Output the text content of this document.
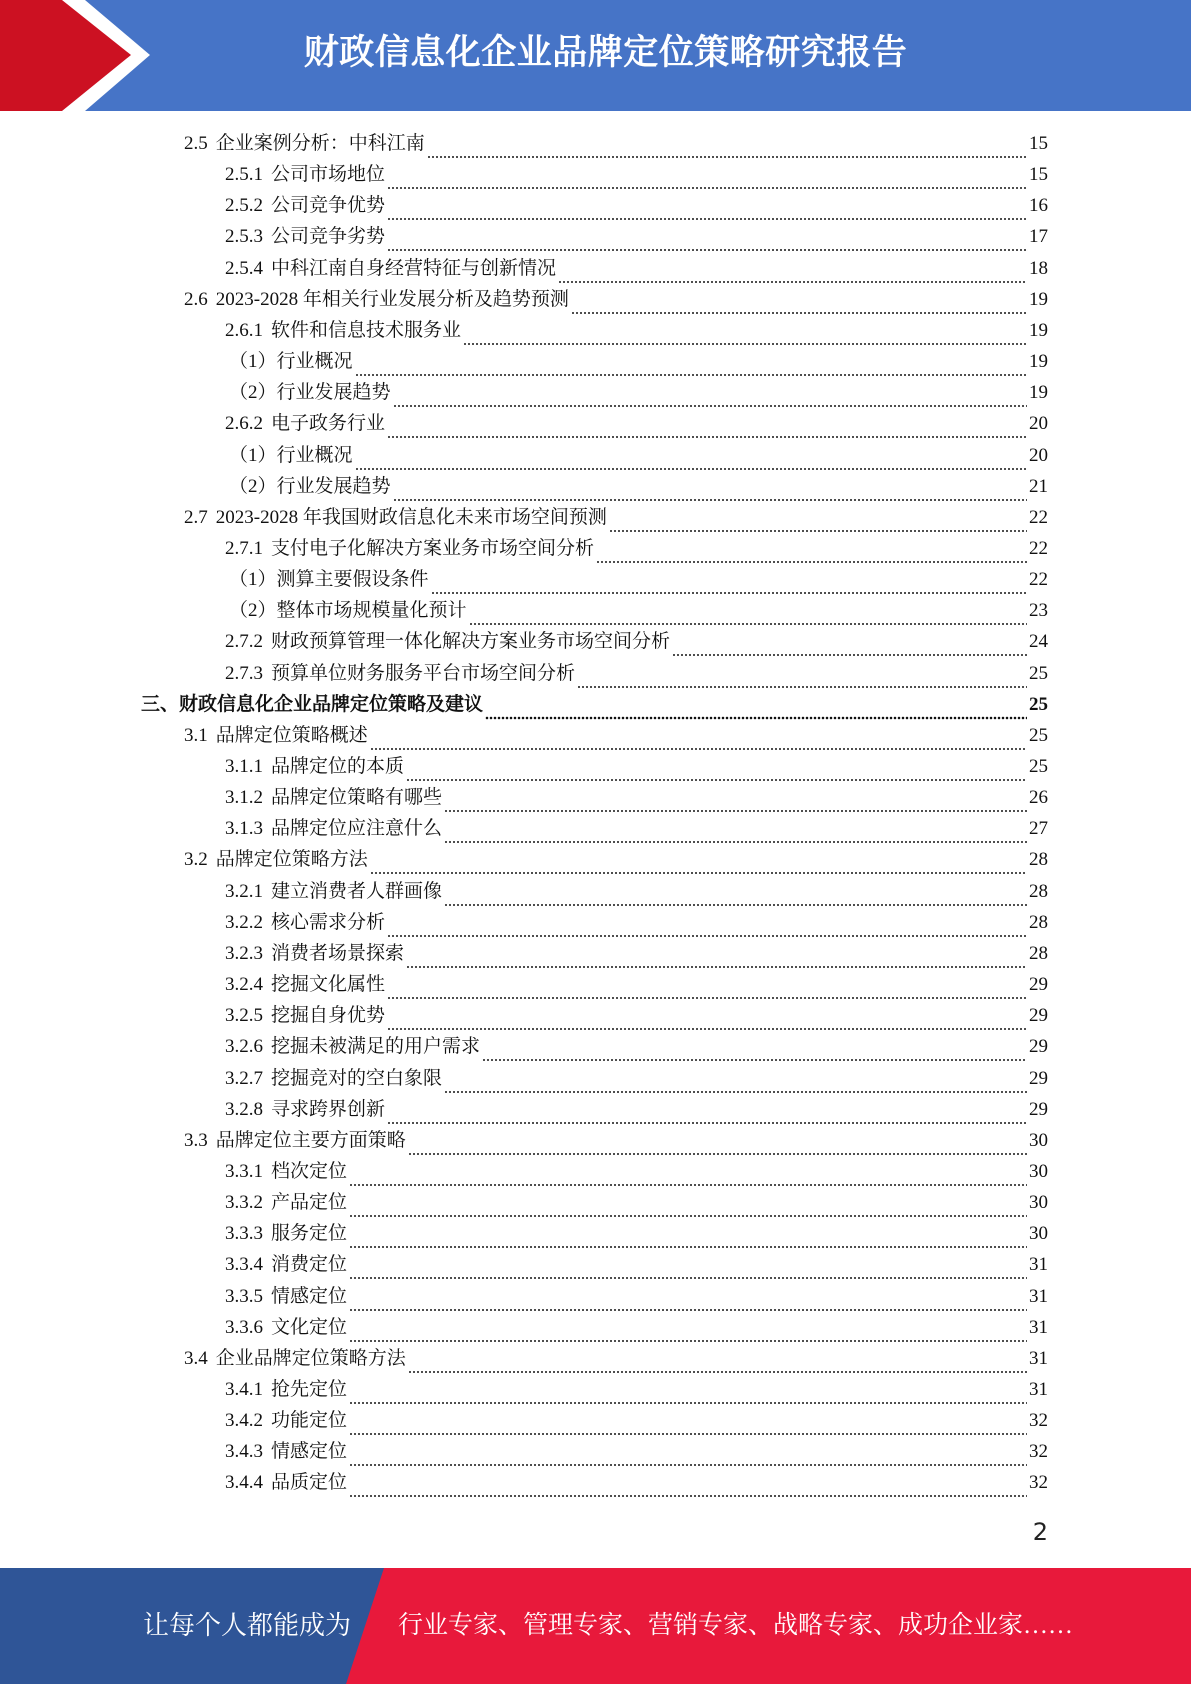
财政信息化企业品牌定位策略研究报告
2.5 企业案例分析：中科江南	15
2.5.1 公司市场地位	15
2.5.2 公司竞争优势	16
2.5.3 公司竞争劣势	17
2.5.4 中科江南自身经营特征与创新情况	18
2.6 2023-2028 年相关行业发展分析及趋势预测	19
2.6.1 软件和信息技术服务业	19
（1）行业概况	19
（2）行业发展趋势	19
2.6.2 电子政务行业	20
（1）行业概况	20
（2）行业发展趋势	21
2.7 2023-2028 年我国财政信息化未来市场空间预测	22
2.7.1 支付电子化解决方案业务市场空间分析	22
（1）测算主要假设条件	22
（2）整体市场规模量化预计	23
2.7.2 财政预算管理一体化解决方案业务市场空间分析	24
2.7.3 预算单位财务服务平台市场空间分析	25
三、财政信息化企业品牌定位策略及建议	25
3.1 品牌定位策略概述	25
3.1.1 品牌定位的本质	25
3.1.2 品牌定位策略有哪些	26
3.1.3 品牌定位应注意什么	27
3.2 品牌定位策略方法	28
3.2.1 建立消费者人群画像	28
3.2.2 核心需求分析	28
3.2.3 消费者场景探索	28
3.2.4 挖掘文化属性	29
3.2.5 挖掘自身优势	29
3.2.6 挖掘未被满足的用户需求	29
3.2.7 挖掘竞对的空白象限	29
3.2.8 寻求跨界创新	29
3.3 品牌定位主要方面策略	30
3.3.1 档次定位	30
3.3.2 产品定位	30
3.3.3 服务定位	30
3.3.4 消费定位	31
3.3.5 情感定位	31
3.3.6 文化定位	31
3.4 企业品牌定位策略方法	31
3.4.1 抢先定位	31
3.4.2 功能定位	32
3.4.3 情感定位	32
3.4.4 品质定位	32
2
让每个人都能成为 行业专家、管理专家、营销专家、战略专家、成功企业家……
